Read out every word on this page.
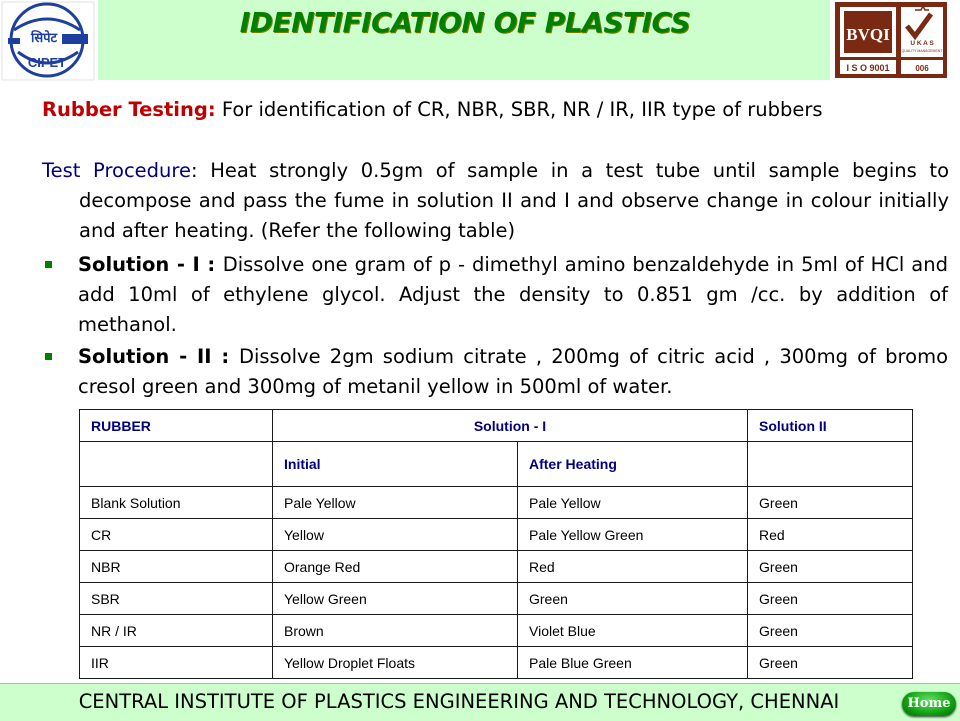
सिपेट
CIPET
IDENTIFICATION OF PLASTICS	BVQI	U K A S
QUALITY MANAGEMENT
I S O 9001	006
Rubber Testing: For identification of CR, NBR, SBR, NR / IR, IIR type of rubbers
Test Procedure: Heat strongly 0.5gm of sample in a test tube until sample begins to decompose and pass the fume in solution II and I and observe change in colour initially and after heating. (Refer the following table)
Solution - I : Dissolve one gram of p - dimethyl amino benzaldehyde in 5ml of HCl and add 10ml of ethylene glycol. Adjust the density to 0.851 gm /cc. by addition of methanol.
Solution - II : Dissolve 2gm sodium citrate , 200mg of citric acid , 300mg of bromo cresol green and 300mg of metanil yellow in 500ml of water.
RUBBER	Solution - I		Solution II
	Initial	After Heating	
Blank Solution	Pale Yellow	Pale Yellow	Green
CR	Yellow	Pale Yellow Green	Red
NBR	Orange Red	Red	Green
SBR	Yellow Green	Green	Green
NR / IR	Brown	Violet Blue	Green
IIR	Yellow Droplet Floats	Pale Blue Green	Green
CENTRAL INSTITUTE OF PLASTICS ENGINEERING AND TECHNOLOGY, CHENNAI	Home
